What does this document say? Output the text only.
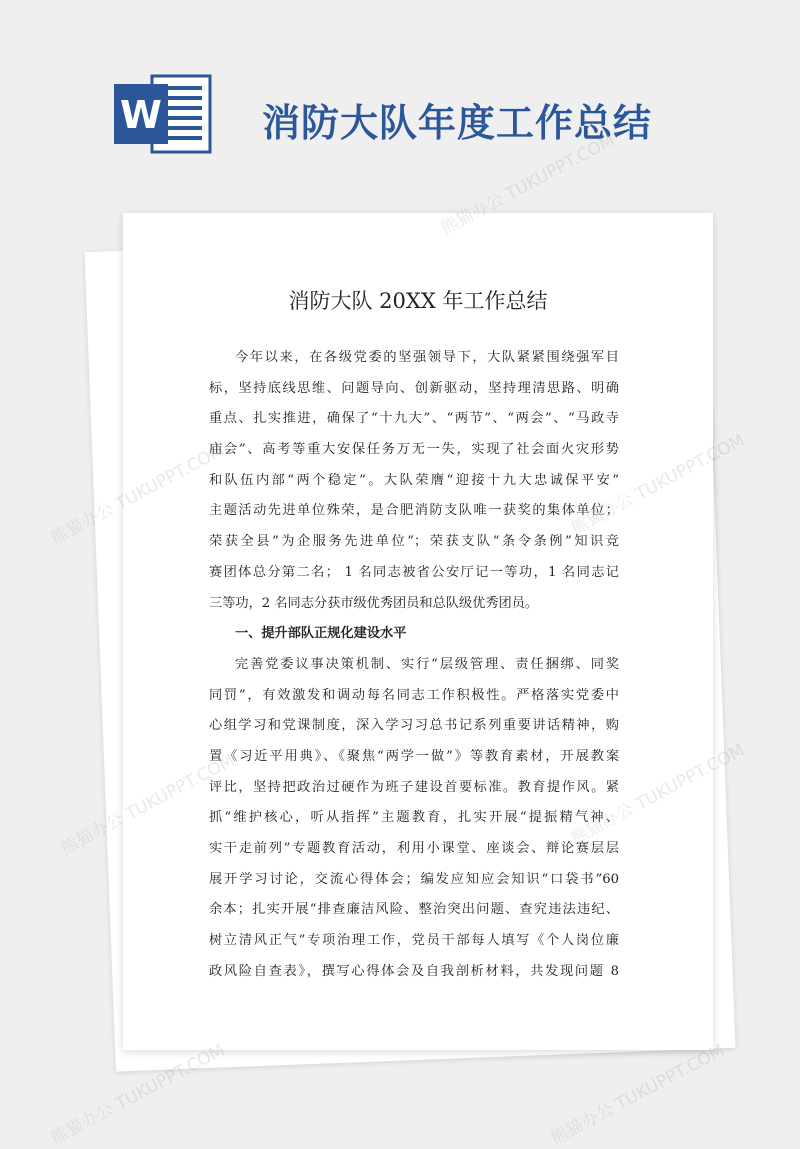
W	消防大队年度工作总结
消防大队 20XX 年工作总结
今年以来，在各级党委的坚强领导下，大队紧紧围绕强军目
标，坚持底线思维、问题导向、创新驱动，坚持理清思路、明确
重点、扎实推进，确保了“十九大”、“两节”、“两会”、“马政寺
庙会”、高考等重大安保任务万无一失，实现了社会面火灾形势
和队伍内部“两个稳定”。大队荣膺“迎接十九大忠诚保平安”
主题活动先进单位殊荣，是合肥消防支队唯一获奖的集体单位；
荣获全县“为企服务先进单位”；荣获支队“条令条例”知识竞
赛团体总分第二名； 1 名同志被省公安厅记一等功，1 名同志记
三等功，2 名同志分获市级优秀团员和总队级优秀团员。
一、提升部队正规化建设水平
完善党委议事决策机制、实行“层级管理、责任捆绑、同奖
同罚”，有效激发和调动每名同志工作积极性。严格落实党委中
心组学习和党课制度，深入学习习总书记系列重要讲话精神，购
置《习近平用典》、《聚焦“两学一做”》等教育素材，开展教案
评比，坚持把政治过硬作为班子建设首要标准。教育提作风。紧
抓“维护核心，听从指挥”主题教育，扎实开展“提振精气神、
实干走前列”专题教育活动，利用小课堂、座谈会、辩论赛层层
展开学习讨论，交流心得体会；编发应知应会知识“口袋书”60
余本；扎实开展“排查廉洁风险、整治突出问题、查究违法违纪、
树立清风正气”专项治理工作，党员干部每人填写《个人岗位廉
政风险自查表》，撰写心得体会及自我剖析材料，共发现问题 8
熊猫办公 TUKUPPT.COM
熊猫办公
熊猫办公
熊猫办公 TUKUPPT.COM	熊猫办公 TUKUPPT.COM
